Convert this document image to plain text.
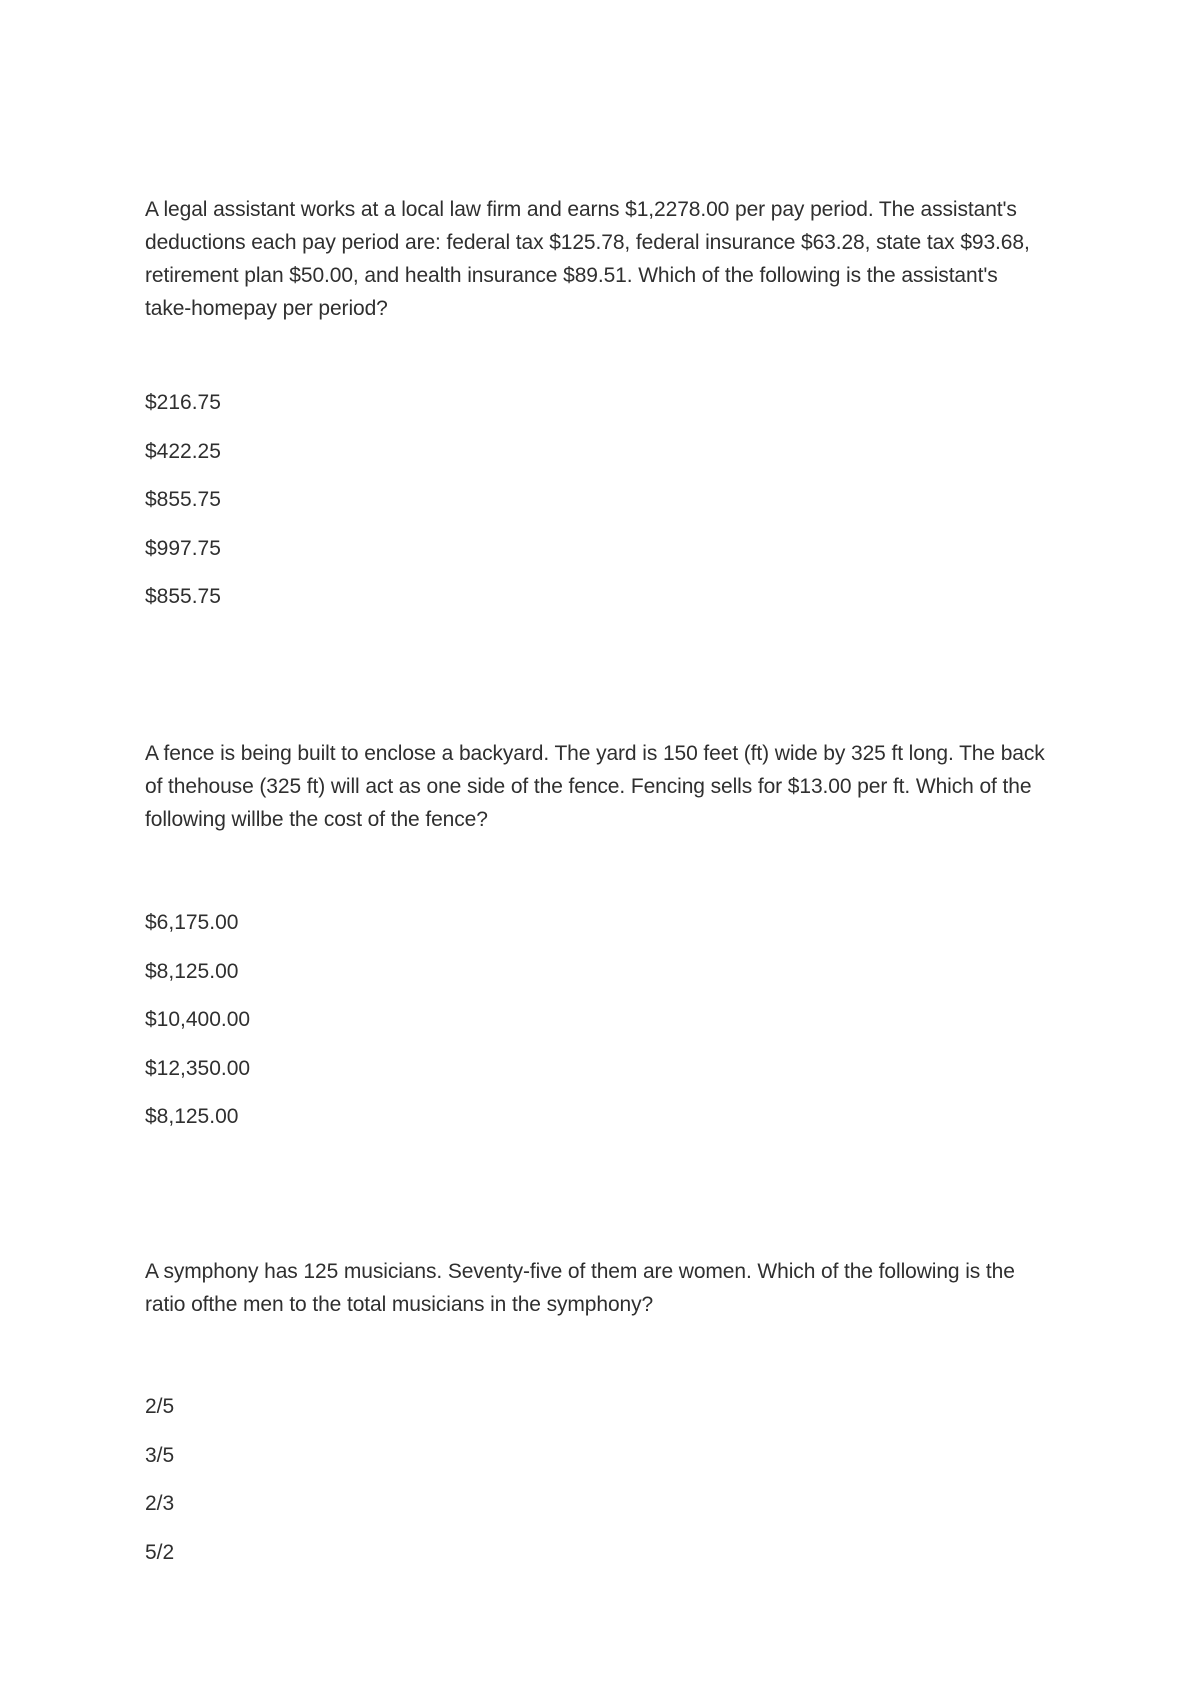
A legal assistant works at a local law firm and earns $1,2278.00 per pay period. The assistant's deductions each pay period are: federal tax $125.78, federal insurance $63.28, state tax $93.68, retirement plan $50.00, and health insurance $89.51. Which of the following is the assistant's take-homepay per period?

$216.75
$422.25
$855.75
$997.75
$855.75

A fence is being built to enclose a backyard. The yard is 150 feet (ft) wide by 325 ft long. The back of thehouse (325 ft) will act as one side of the fence. Fencing sells for $13.00 per ft. Which of the following willbe the cost of the fence?

$6,175.00
$8,125.00
$10,400.00
$12,350.00
$8,125.00

A symphony has 125 musicians. Seventy-five of them are women. Which of the following is the ratio ofthe men to the total musicians in the symphony?

2/5
3/5
2/3
5/2
